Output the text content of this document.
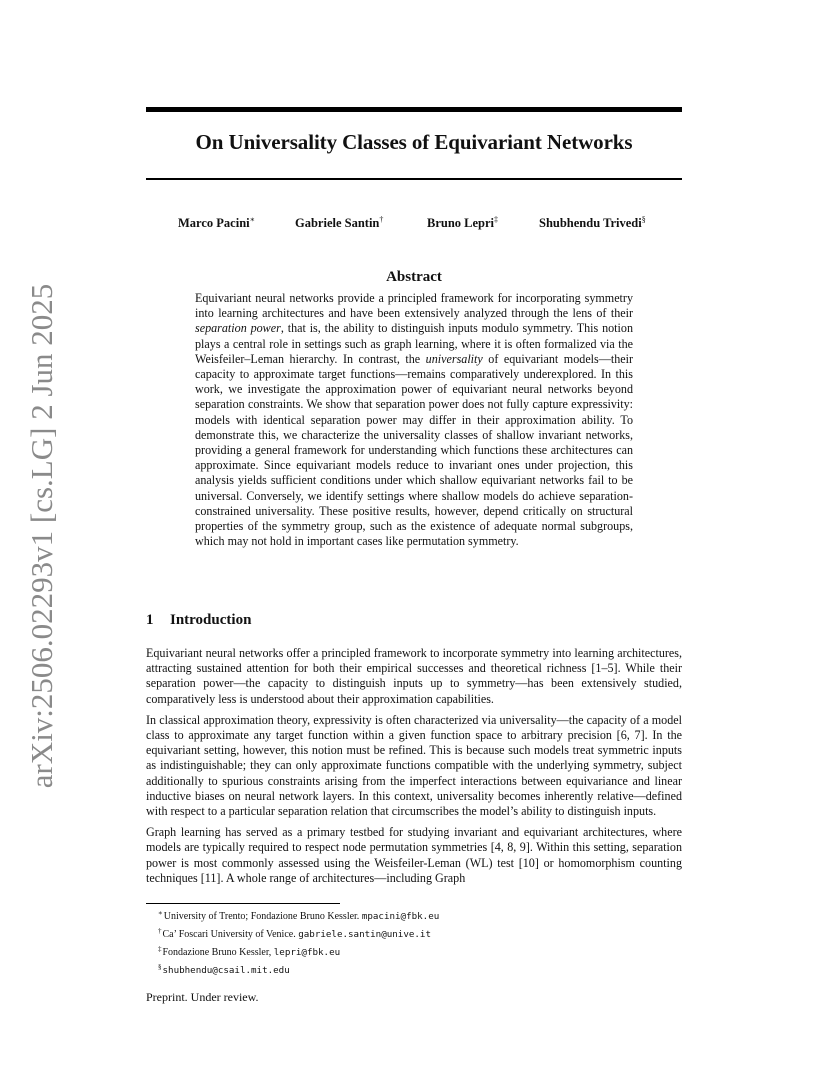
arXiv:2506.02293v1 [cs.LG] 2 Jun 2025
On Universality Classes of Equivariant Networks
Marco Pacini∗	Gabriele Santin†	Bruno Lepri‡	Shubhendu Trivedi§
Abstract

Equivariant neural networks provide a principled framework for incorporating symmetry into learning architectures and have been extensively analyzed through the lens of their separation power, that is, the ability to distinguish inputs modulo symmetry. This notion plays a central role in settings such as graph learning, where it is often formalized via the Weisfeiler–Leman hierarchy. In contrast, the universality of equivariant models—their capacity to approximate target functions—remains comparatively underexplored. In this work, we investigate the approximation power of equivariant neural networks beyond separation constraints. We show that separation power does not fully capture expressivity: models with identical separation power may differ in their approximation ability. To demonstrate this, we characterize the universality classes of shallow invariant networks, providing a general framework for understanding which functions these architectures can approximate. Since equivariant models reduce to invariant ones under projection, this analysis yields sufficient conditions under which shallow equivariant networks fail to be universal. Conversely, we identify settings where shallow models do achieve separation-constrained universality. These positive results, however, depend critically on structural properties of the symmetry group, such as the existence of adequate normal subgroups, which may not hold in important cases like permutation symmetry.

1 Introduction

Equivariant neural networks offer a principled framework to incorporate symmetry into learning architectures, attracting sustained attention for both their empirical successes and theoretical richness [1–5]. While their separation power—the capacity to distinguish inputs up to symmetry—has been extensively studied, comparatively less is understood about their approximation capabilities.

In classical approximation theory, expressivity is often characterized via universality—the capacity of a model class to approximate any target function within a given function space to arbitrary precision [6, 7]. In the equivariant setting, however, this notion must be refined. This is because such models treat symmetric inputs as indistinguishable; they can only approximate functions compatible with the underlying symmetry, subject additionally to spurious constraints arising from the imperfect interactions between equivariance and linear inductive biases on neural network layers. In this context, universality becomes inherently relative—defined with respect to a particular separation relation that circumscribes the model’s ability to distinguish inputs.

Graph learning has served as a primary testbed for studying invariant and equivariant architectures, where models are typically required to respect node permutation symmetries [4, 8, 9]. Within this setting, separation power is most commonly assessed using the Weisfeiler-Leman (WL) test [10] or homomorphism counting techniques [11]. A whole range of architectures—including Graph

∗University of Trento; Fondazione Bruno Kessler. mpacini@fbk.eu
†Ca’ Foscari University of Venice. gabriele.santin@unive.it
‡Fondazione Bruno Kessler, lepri@fbk.eu
§shubhendu@csail.mit.edu
Preprint. Under review.
